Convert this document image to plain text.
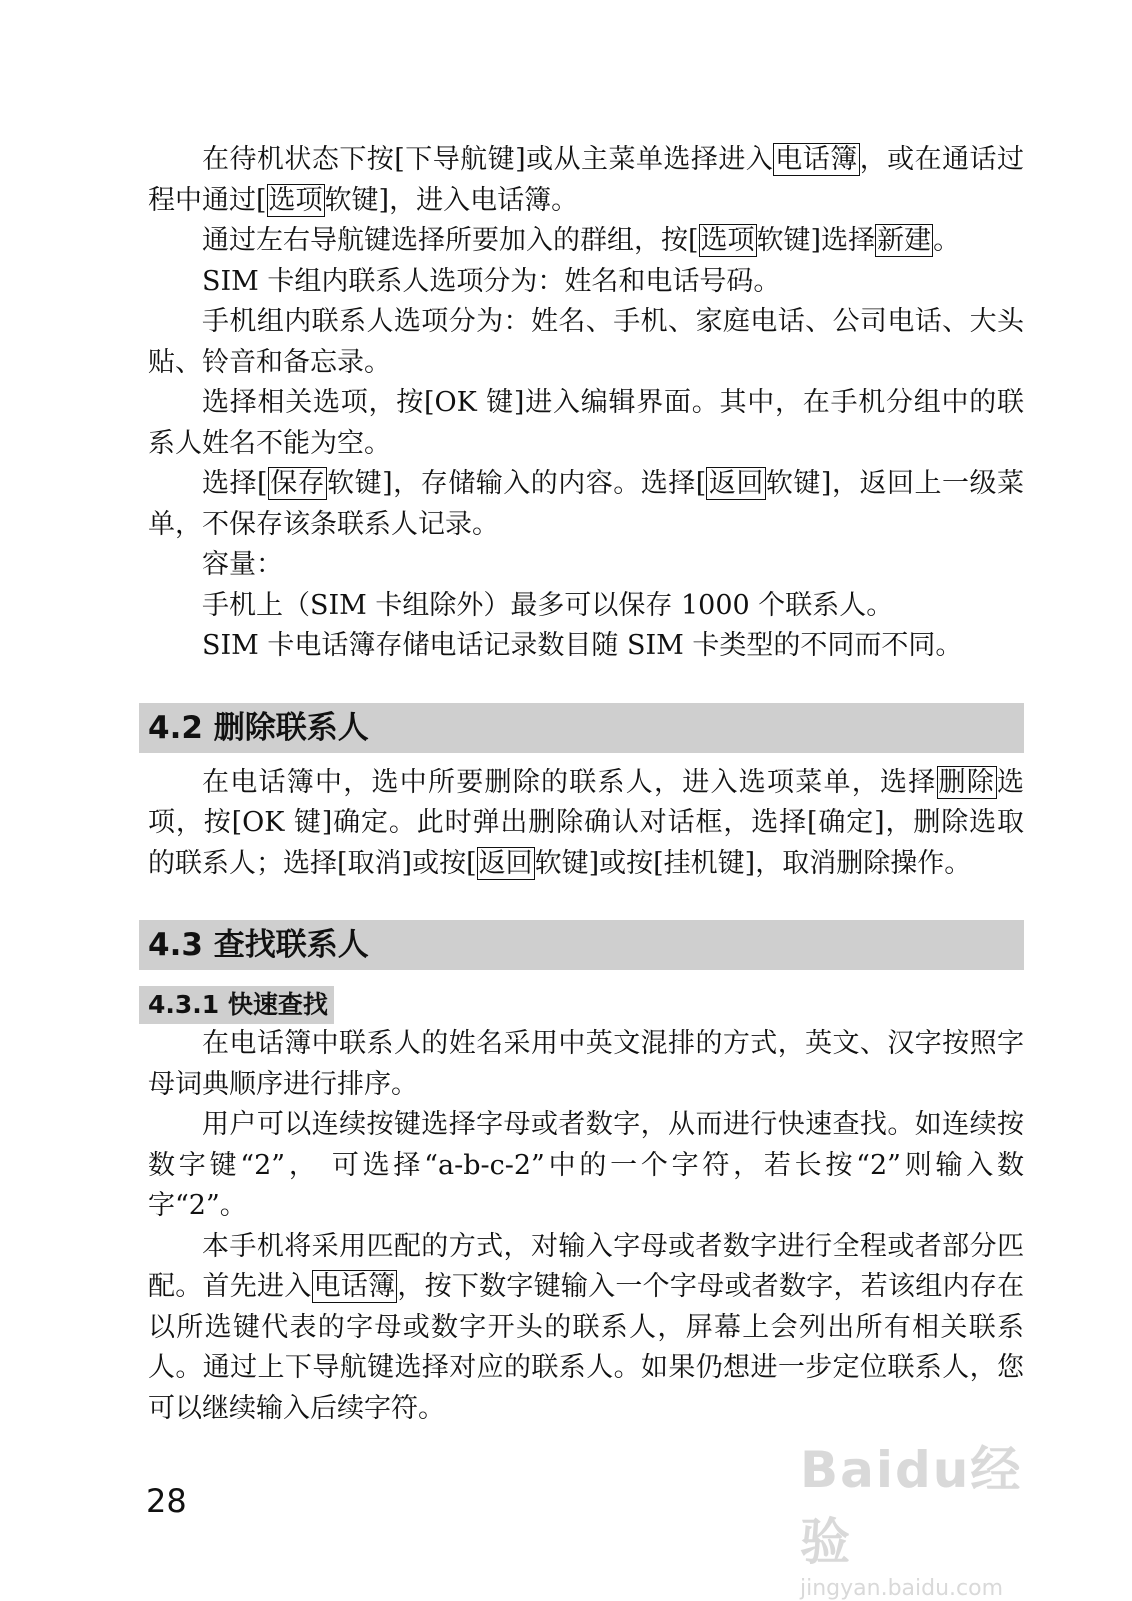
在待机状态下按[下导航键]或从主菜单选择进入电话簿，或在通话过程中通过[选项软键]，进入电话簿。

通过左右导航键选择所要加入的群组，按[选项软键]选择新建。

SIM 卡组内联系人选项分为：姓名和电话号码。

手机组内联系人选项分为：姓名、手机、家庭电话、公司电话、大头贴、铃音和备忘录。

选择相关选项，按[OK 键]进入编辑界面。其中，在手机分组中的联系人姓名不能为空。

选择[保存软键]，存储输入的内容。选择[返回软键]，返回上一级菜单，不保存该条联系人记录。

容量：

手机上（SIM 卡组除外）最多可以保存 1000 个联系人。

SIM 卡电话簿存储电话记录数目随 SIM 卡类型的不同而不同。

4.2 删除联系人

在电话簿中，选中所要删除的联系人，进入选项菜单，选择删除选项，按[OK 键]确定。此时弹出删除确认对话框，选择[确定]，删除选取的联系人；选择[取消]或按[返回软键]或按[挂机键]，取消删除操作。

4.3 查找联系人
4.3.1 快速查找

在电话簿中联系人的姓名采用中英文混排的方式，英文、汉字按照字母词典顺序进行排序。

用户可以连续按键选择字母或者数字，从而进行快速查找。如连续按数字键“2”， 可选择“a-b-c-2”中的一个字符，若长按“2”则输入数字“2”。

本手机将采用匹配的方式，对输入字母或者数字进行全程或者部分匹配。首先进入电话簿，按下数字键输入一个字母或者数字，若该组内存在以所选键代表的字母或数字开头的联系人，屏幕上会列出所有相关联系人。通过上下导航键选择对应的联系人。如果仍想进一步定位联系人，您可以继续输入后续字符。

28
Baidu经验
jingyan.baidu.com
